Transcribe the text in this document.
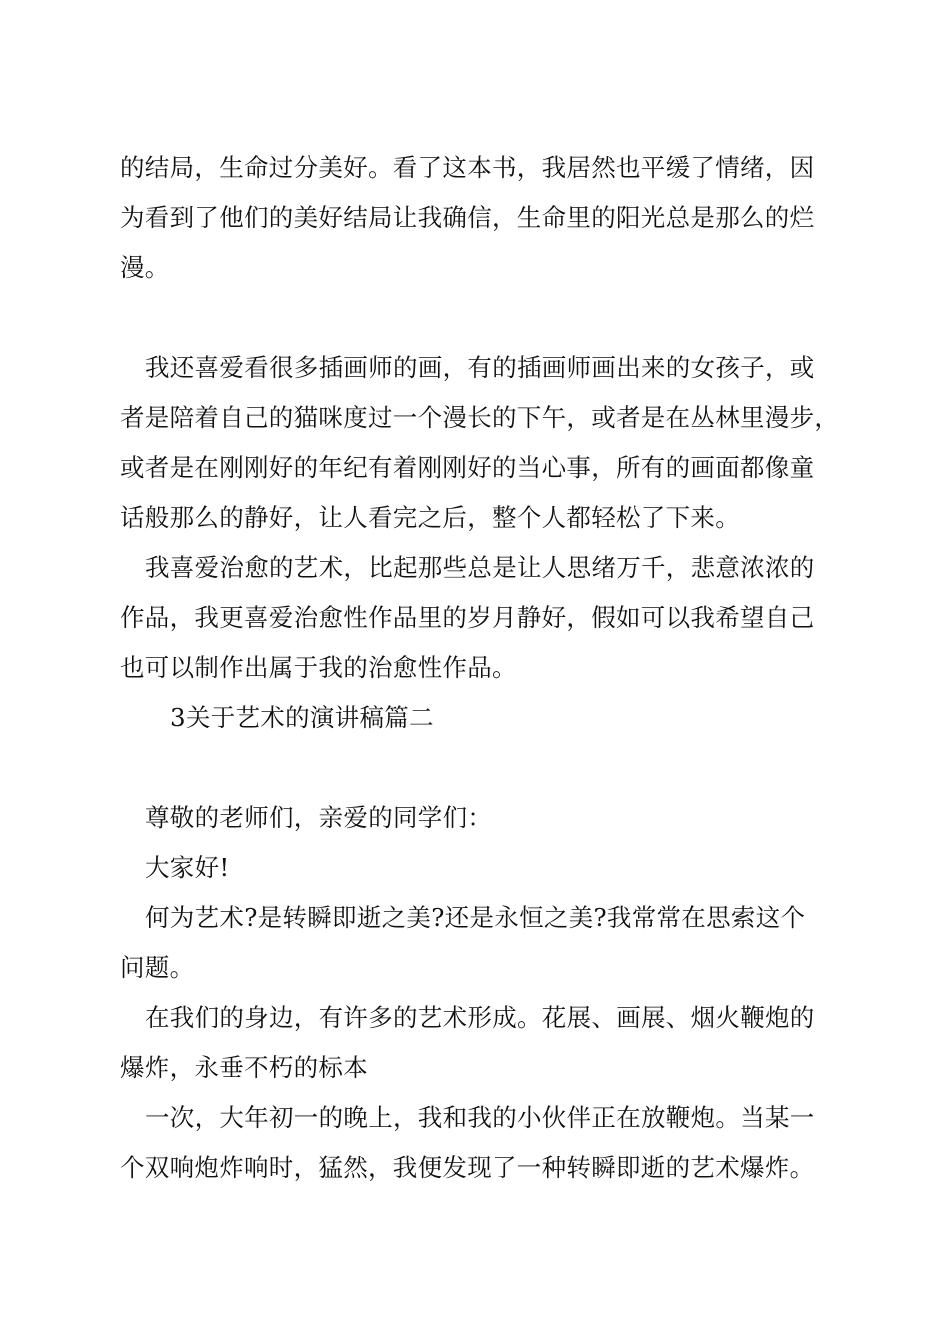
的结局，生命过分美好。看了这本书，我居然也平缓了情绪，因
为看到了他们的美好结局让我确信，生命里的阳光总是那么的烂
漫。
我还喜爱看很多插画师的画，有的插画师画出来的女孩子，或
者是陪着自己的猫咪度过一个漫长的下午，或者是在丛林里漫步，
或者是在刚刚好的年纪有着刚刚好的当心事，所有的画面都像童
话般那么的静好，让人看完之后，整个人都轻松了下来。
我喜爱治愈的艺术，比起那些总是让人思绪万千，悲意浓浓的
作品，我更喜爱治愈性作品里的岁月静好，假如可以我希望自己
也可以制作出属于我的治愈性作品。
3关于艺术的演讲稿篇二
尊敬的老师们，亲爱的同学们：
大家好!
何为艺术?是转瞬即逝之美?还是永恒之美?我常常在思索这个
问题。
在我们的身边，有许多的艺术形成。花展、画展、烟火鞭炮的
爆炸，永垂不朽的标本
一次，大年初一的晚上，我和我的小伙伴正在放鞭炮。当某一
个双响炮炸响时，猛然，我便发现了一种转瞬即逝的艺术爆炸。
